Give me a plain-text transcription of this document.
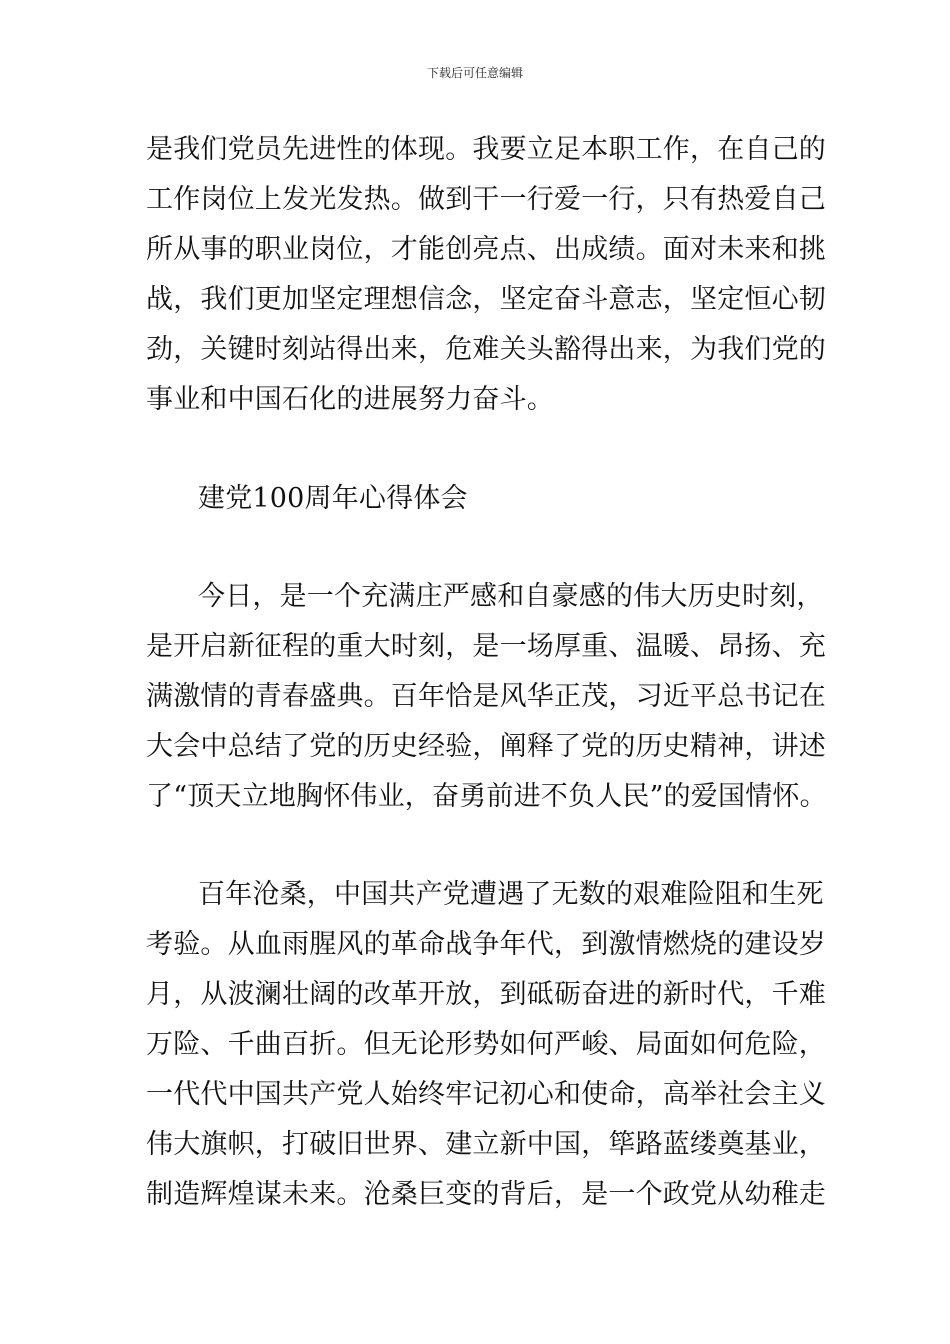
下载后可任意编辑
是我们党员先进性的体现。我要立足本职工作，在自己的
工作岗位上发光发热。做到干一行爱一行，只有热爱自己
所从事的职业岗位，才能创亮点、出成绩。面对未来和挑
战，我们更加坚定理想信念，坚定奋斗意志，坚定恒心韧
劲，关键时刻站得出来，危难关头豁得出来，为我们党的
事业和中国石化的进展努力奋斗。
建党100周年心得体会
今日，是一个充满庄严感和自豪感的伟大历史时刻，
是开启新征程的重大时刻，是一场厚重、温暖、昂扬、充
满激情的青春盛典。百年恰是风华正茂，习近平总书记在
大会中总结了党的历史经验，阐释了党的历史精神，讲述
了“顶天立地胸怀伟业，奋勇前进不负人民”的爱国情怀。
百年沧桑，中国共产党遭遇了无数的艰难险阻和生死
考验。从血雨腥风的革命战争年代，到激情燃烧的建设岁
月，从波澜壮阔的改革开放，到砥砺奋进的新时代，千难
万险、千曲百折。但无论形势如何严峻、局面如何危险，
一代代中国共产党人始终牢记初心和使命，高举社会主义
伟大旗帜，打破旧世界、建立新中国，筚路蓝缕奠基业，
制造辉煌谋未来。沧桑巨变的背后，是一个政党从幼稚走
